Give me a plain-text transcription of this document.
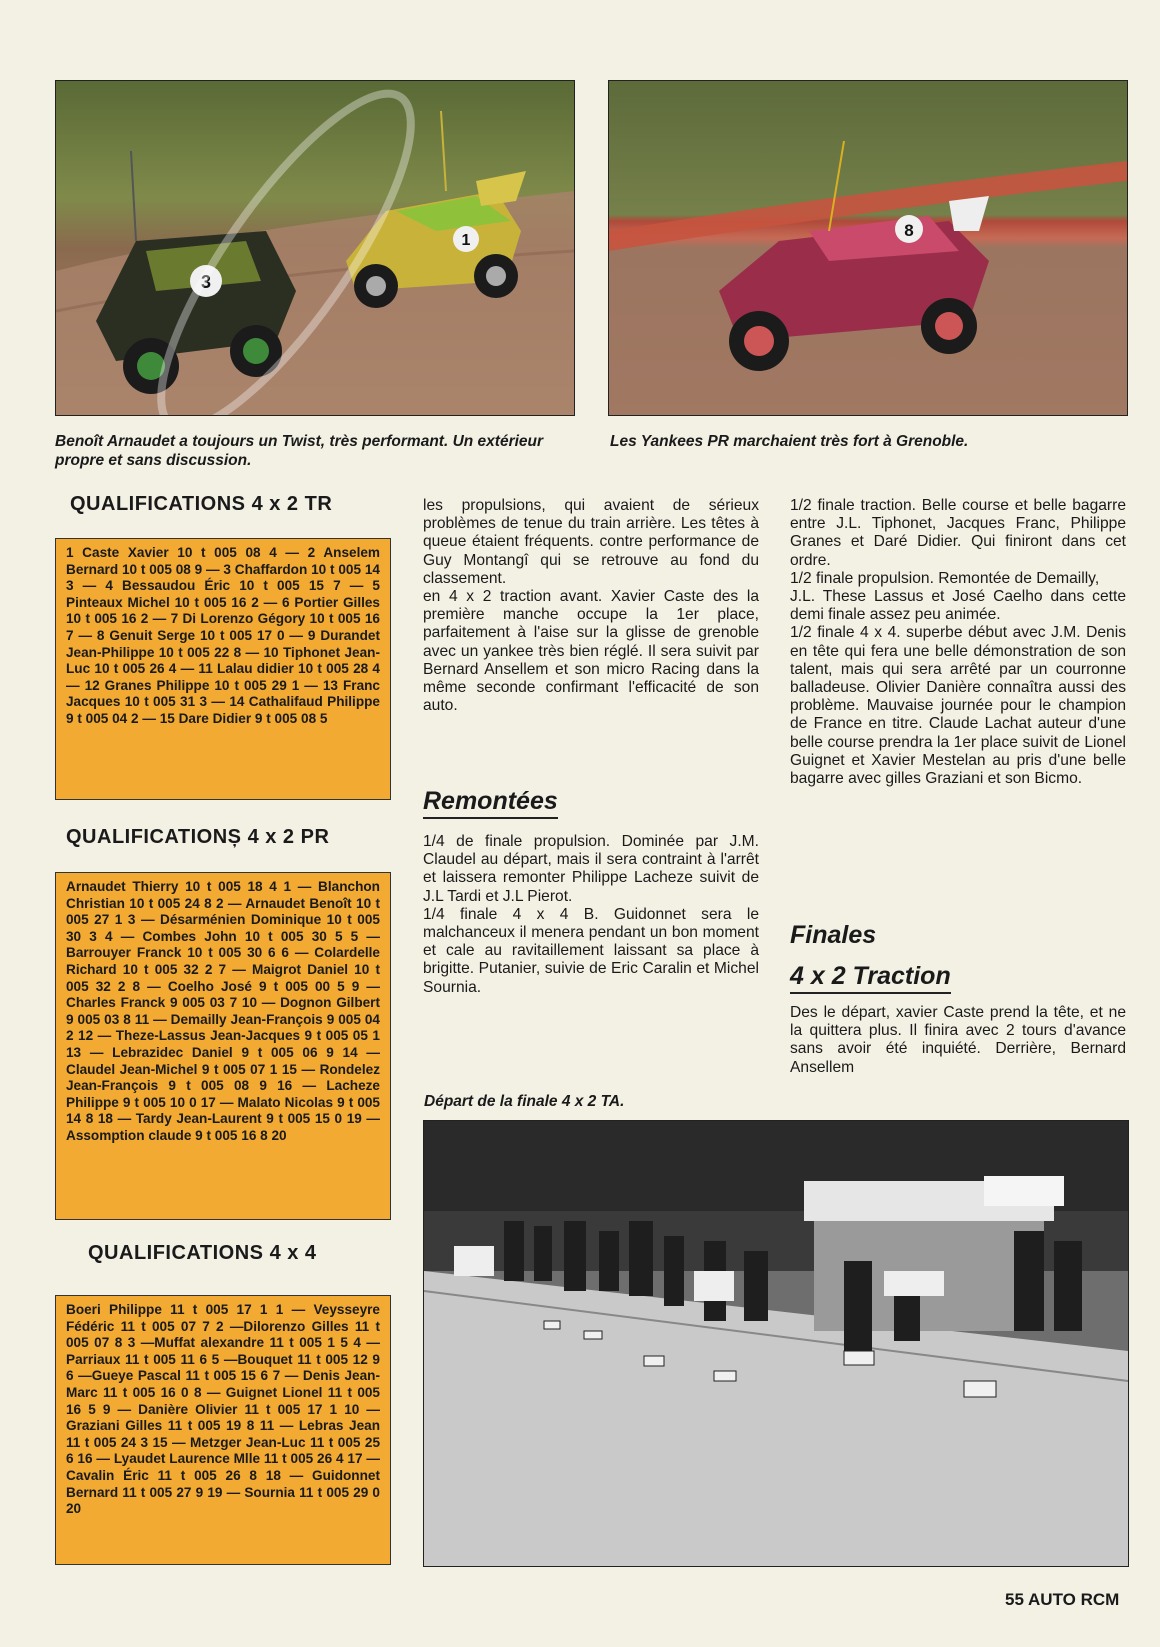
3
1
8
Benoît Arnaudet a toujours un Twist, très performant. Un extérieur propre et sans discussion.
Les Yankees PR marchaient très fort à Grenoble.
QUALIFICATIONS 4 x 2 TR
1 Caste Xavier 10 t 005 08 4 — 2 Anselem Bernard 10 t 005 08 9 — 3 Chaffardon 10 t 005 14 3 — 4 Bessaudou Éric 10 t 005 15 7 — 5 Pinteaux Michel 10 t 005 16 2 — 6 Portier Gilles 10 t 005 16 2 — 7 Di Lorenzo Gégory 10 t 005 16 7 — 8 Genuit Serge 10 t 005 17 0 — 9 Durandet Jean-Philippe 10 t 005 22 8 — 10 Tiphonet Jean-Luc 10 t 005 26 4 — 11 Lalau didier 10 t 005 28 4 — 12 Granes Philippe 10 t 005 29 1 — 13 Franc Jacques 10 t 005 31 3 — 14 Cathalifaud Philippe 9 t 005 04 2 — 15 Dare Didier 9 t 005 08 5
QUALIFICATIONȘ 4 x 2 PR
Arnaudet Thierry 10 t 005 18 4 1 — Blanchon Christian 10 t 005 24 8 2 — Arnaudet Benoît 10 t 005 27 1 3 — Désarménien Dominique 10 t 005 30 3 4 — Combes John 10 t 005 30 5 5 — Barrouyer Franck 10 t 005 30 6 6 — Colardelle Richard 10 t 005 32 2 7 — Maigrot Daniel 10 t 005 32 2 8 — Coelho José 9 t 005 00 5 9 — Charles Franck 9 005 03 7 10 — Dognon Gilbert 9 005 03 8 11 — Demailly Jean-François 9 005 04 2 12 — Theze-Lassus Jean-Jacques 9 t 005 05 1 13 — Lebrazidec Daniel 9 t 005 06 9 14 — Claudel Jean-Michel 9 t 005 07 1 15 — Rondelez Jean-François 9 t 005 08 9 16 — Lacheze Philippe 9 t 005 10 0 17 — Malato Nicolas 9 t 005 14 8 18 — Tardy Jean-Laurent 9 t 005 15 0 19 — Assomption claude 9 t 005 16 8 20
QUALIFICATIONS 4 x 4
Boeri Philippe 11 t 005 17 1 1 — Veysseyre Fédéric 11 t 005 07 7 2 —Dilorenzo Gilles 11 t 005 07 8 3 —Muffat alexandre 11 t 005 1 5 4 — Parriaux 11 t 005 11 6 5 —Bouquet 11 t 005 12 9 6 —Gueye Pascal 11 t 005 15 6 7 — Denis Jean-Marc 11 t 005 16 0 8 — Guignet Lionel 11 t 005 16 5 9 — Danière Olivier 11 t 005 17 1 10 — Graziani Gilles 11 t 005 19 8 11 — Lebras Jean 11 t 005 24 3 15 — Metzger Jean-Luc 11 t 005 25 6 16 — Lyaudet Laurence Mlle 11 t 005 26 4 17 — Cavalin Éric 11 t 005 26 8 18 — Guidonnet Bernard 11 t 005 27 9 19 — Sournia 11 t 005 29 0 20

les propulsions, qui avaient de sérieux problèmes de tenue du train arrière. Les têtes à queue étaient fréquents. contre performance de Guy Montangî qui se retrouve au fond du classement.

en 4 x 2 traction avant. Xavier Caste des la première manche occupe la 1er place, parfaitement à l'aise sur la glisse de grenoble avec un yankee très bien réglé. Il sera suivit par Bernard Ansellem et son micro Racing dans la même seconde confirmant l'efficacité de son auto.

Remontées

1/4 de finale propulsion. Dominée par J.M. Claudel au départ, mais il sera contraint à l'arrêt et laissera remonter Philippe Lacheze suivit de J.L Tardi et J.L Pierot.

1/4 finale 4 x 4 B. Guidonnet sera le malchanceux il menera pendant un bon moment et cale au ravitaillement laissant sa place à brigitte. Putanier, suivie de Eric Caralin et Michel Sournia.

1/2 finale traction. Belle course et belle bagarre entre J.L. Tiphonet, Jacques Franc, Philippe Granes et Daré Didier. Qui finiront dans cet ordre.

1/2 finale propulsion. Remontée de Demailly,

J.L. These Lassus et José Caelho dans cette demi finale assez peu animée.

1/2 finale 4 x 4. superbe début avec J.M. Denis en tête qui fera une belle démonstration de son talent, mais qui sera arrêté par un courronne balladeuse. Olivier Danière connaîtra aussi des problème. Mauvaise journée pour le champion de France en titre. Claude Lachat auteur d'une belle course prendra la 1er place suivit de Lionel Guignet et Xavier Mestelan au pris d'une belle bagarre avec gilles Graziani et son Bicmo.

Finales
4 x 2 Traction

Des le départ, xavier Caste prend la tête, et ne la quittera plus. Il finira avec 2 tours d'avance sans avoir été inquiété. Derrière, Bernard Ansellem

Départ de la finale 4 x 2 TA.
55 AUTO RCM
